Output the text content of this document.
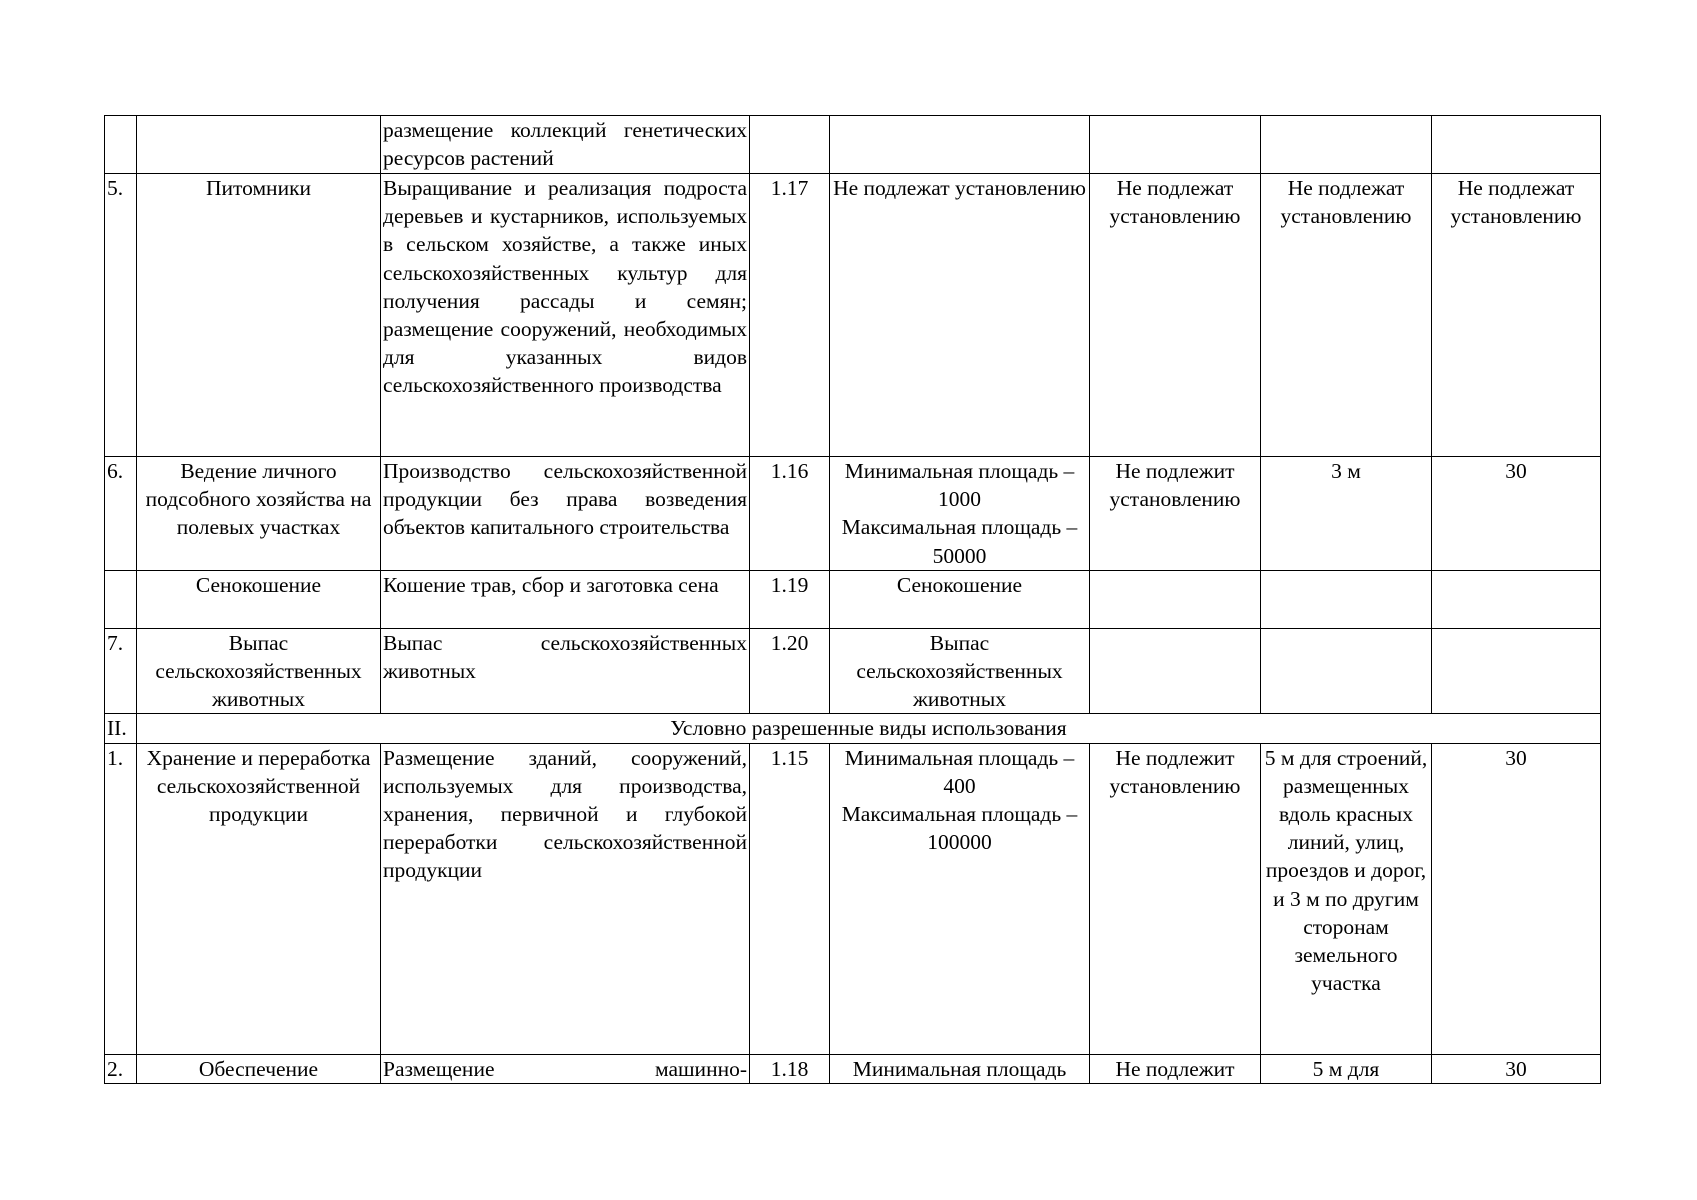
		размещение коллекций генетических ресурсов растений					
5.	Питомники	Выращивание и реализация подроста деревьев и кустарников, используемых в сельском хозяйстве, а также иных сельскохозяйственных культур для получения рассады и семян; размещение сооружений, необходимых для указанных видов сельскохозяйственного производства	1.17	Не подлежат установлению	Не подлежат установлению	Не подлежат установлению	Не подлежат установлению
6.	Ведение личного подсобного хозяйства на полевых участках	Производство сельскохозяйственной продукции без права возведения объектов капитального строительства	1.16	Минимальная площадь – 1000
Максимальная площадь – 50000	Не подлежит установлению	3 м	30
	Сенокошение	Кошение трав, сбор и заготовка сена	1.19	Сенокошение			
7.	Выпас сельскохозяйственных животных	Выпас сельскохозяйственных животных	1.20	Выпас сельскохозяйственных животных			
II.	Условно разрешенные виды использования						
1.	Хранение и переработка сельскохозяйственной продукции	Размещение зданий, сооружений, используемых для производства, хранения, первичной и глубокой переработки сельскохозяйственной продукции	1.15	Минимальная площадь – 400
Максимальная площадь – 100000	Не подлежит установлению	5 м для строений, размещенных вдоль красных линий, улиц, проездов и дорог, и 3 м по другим сторонам земельного участка	30
2.	Обеспечение	Размещение машинно-	1.18	Минимальная площадь	Не подлежит	5 м для	30
